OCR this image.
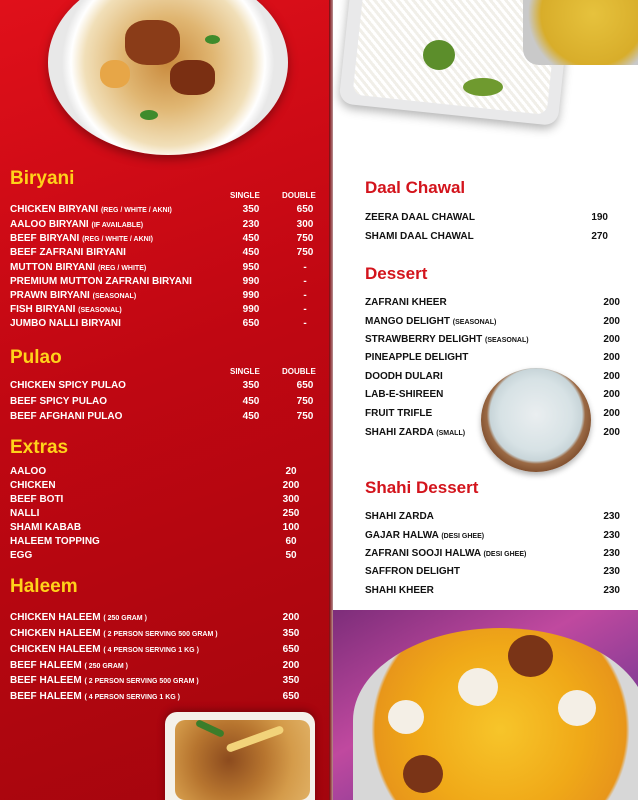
Biryani
SINGLE	DOUBLE
CHICKEN BIRYANI (REG / WHITE / AKNI)	350	650
AALOO BIRYANI (IF AVAILABLE)	230	300
BEEF BIRYANI (REG / WHITE / AKNI)	450	750
BEEF ZAFRANI BIRYANI	450	750
MUTTON BIRYANI (REG / WHITE)	950	-
PREMIUM MUTTON ZAFRANI BIRYANI	990	-
PRAWN BIRYANI (SEASONAL)	990	-
FISH BIRYANI (SEASONAL)	990	-
JUMBO NALLI BIRYANI	650	-
Pulao
SINGLE	DOUBLE
CHICKEN SPICY PULAO	350	650
BEEF SPICY PULAO	450	750
BEEF AFGHANI PULAO	450	750
Extras
AALOO	20
CHICKEN	200
BEEF BOTI	300
NALLI	250
SHAMI KABAB	100
HALEEM TOPPING	60
EGG	50
Haleem
CHICKEN HALEEM ( 250 GRAM )	200
CHICKEN HALEEM ( 2 PERSON SERVING 500 GRAM )	350
CHICKEN HALEEM ( 4 PERSON SERVING 1 KG )	650
BEEF HALEEM ( 250 GRAM )	200
BEEF HALEEM ( 2 PERSON SERVING 500 GRAM )	350
BEEF HALEEM ( 4 PERSON SERVING 1 KG )	650
Daal Chawal
ZEERA DAAL CHAWAL	190
SHAMI DAAL CHAWAL	270
Dessert
ZAFRANI KHEER	200
MANGO DELIGHT (SEASONAL)	200
STRAWBERRY DELIGHT (SEASONAL)	200
PINEAPPLE DELIGHT	200
DOODH DULARI	200
LAB-E-SHIREEN	200
FRUIT TRIFLE	200
SHAHI ZARDA (SMALL)	200
Shahi Dessert
SHAHI ZARDA	230
GAJAR HALWA (DESI GHEE)	230
ZAFRANI SOOJI HALWA (DESI GHEE)	230
SAFFRON DELIGHT	230
SHAHI KHEER	230
